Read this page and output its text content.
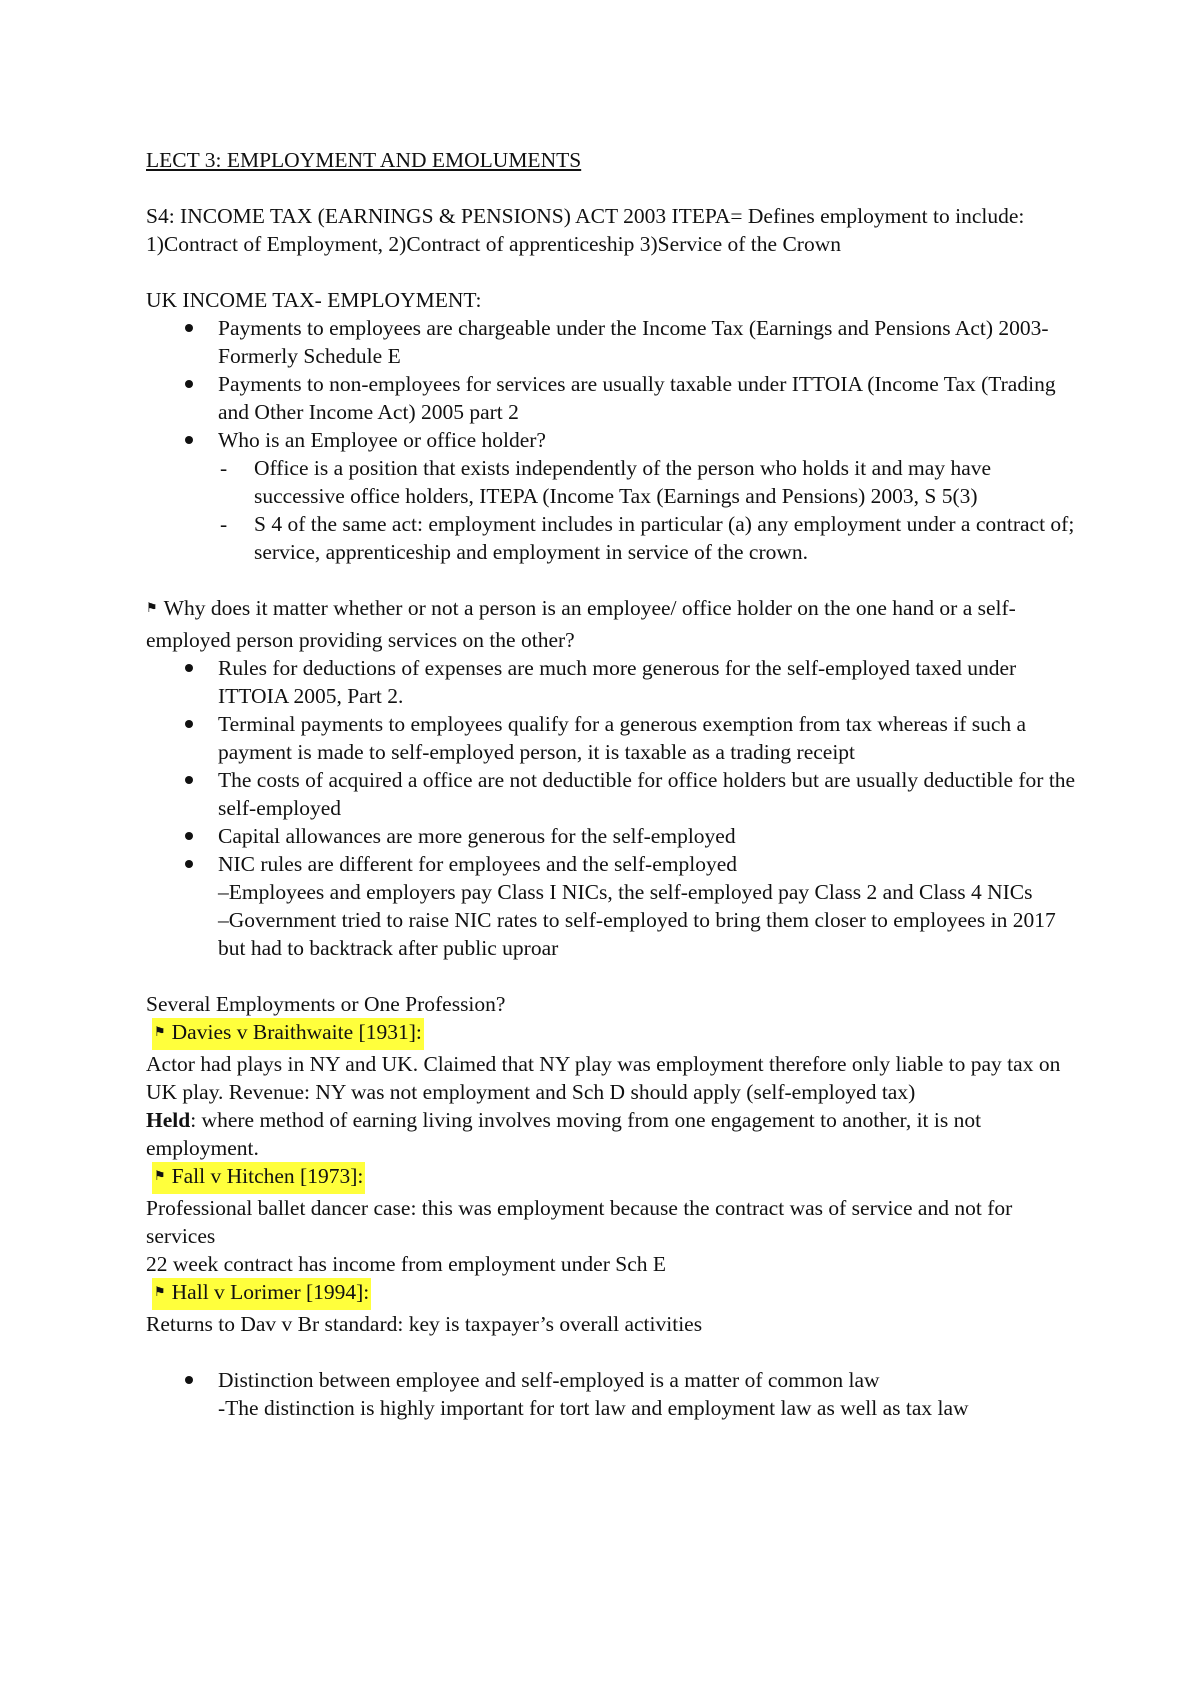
LECT 3: EMPLOYMENT AND EMOLUMENTS

S4: INCOME TAX (EARNINGS & PENSIONS) ACT 2003 ITEPA= Defines employment to include: 1)Contract of Employment, 2)Contract of apprenticeship 3)Service of the Crown

UK INCOME TAX- EMPLOYMENT:

Payments to employees are chargeable under the Income Tax (Earnings and Pensions Act) 2003- Formerly Schedule E
Payments to non-employees for services are usually taxable under ITTOIA (Income Tax (Trading and Other Income Act) 2005 part 2
Who is an Employee or office holder?
- Office is a position that exists independently of the person who holds it and may have successive office holders, ITEPA (Income Tax (Earnings and Pensions) 2003, S 5(3)
- S 4 of the same act: employment includes in particular (a) any employment under a contract of; service, apprenticeship and employment in service of the crown.

⚑ Why does it matter whether or not a person is an employee/ office holder on the one hand or a self-employed person providing services on the other?

Rules for deductions of expenses are much more generous for the self-employed taxed under ITTOIA 2005, Part 2.
Terminal payments to employees qualify for a generous exemption from tax whereas if such a payment is made to self-employed person, it is taxable as a trading receipt
The costs of acquired a office are not deductible for office holders but are usually deductible for the self-employed
Capital allowances are more generous for the self-employed
NIC rules are different for employees and the self-employed
–Employees and employers pay Class I NICs, the self-employed pay Class 2 and Class 4 NICs
–Government tried to raise NIC rates to self-employed to bring them closer to employees in 2017 but had to backtrack after public uproar

Several Employments or One Profession?

⚑ Davies v Braithwaite [1931]:

Actor had plays in NY and UK. Claimed that NY play was employment therefore only liable to pay tax on UK play. Revenue: NY was not employment and Sch D should apply (self-employed tax)

Held: where method of earning living involves moving from one engagement to another, it is not employment.

⚑ Fall v Hitchen [1973]:

Professional ballet dancer case: this was employment because the contract was of service and not for services

22 week contract has income from employment under Sch E

⚑ Hall v Lorimer [1994]:

Returns to Dav v Br standard: key is taxpayer’s overall activities

Distinction between employee and self-employed is a matter of common law
-The distinction is highly important for tort law and employment law as well as tax law
